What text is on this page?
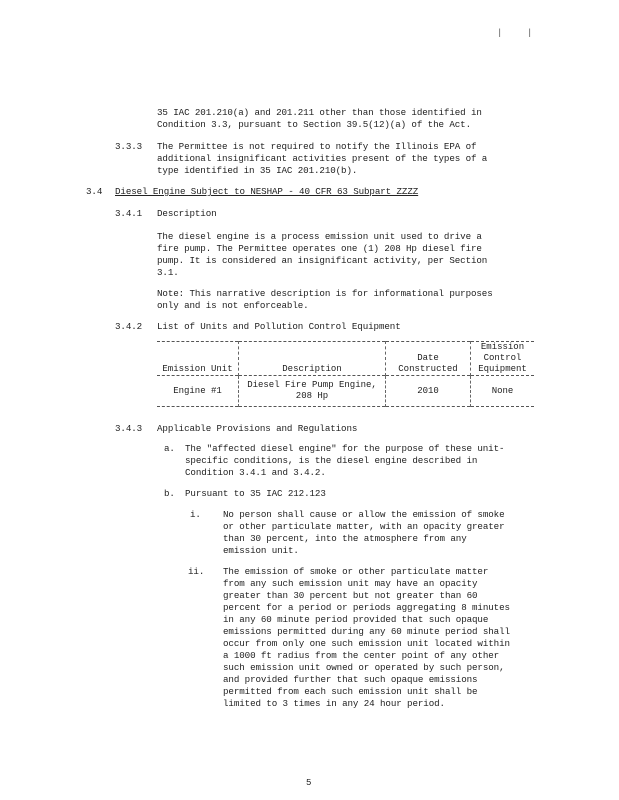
|	|
35 IAC 201.210(a) and 201.211 other than those identified in
Condition 3.3, pursuant to Section 39.5(12)(a) of the Act.
3.3.3 The Permittee is not required to notify the Illinois EPA of
additional insignificant activities present of the types of a
type identified in 35 IAC 201.210(b).
3.4 Diesel Engine Subject to NESHAP - 40 CFR 63 Subpart ZZZZ
3.4.1 Description
The diesel engine is a process emission unit used to drive a
fire pump. The Permittee operates one (1) 208 Hp diesel fire
pump. It is considered an insignificant activity, per Section
3.1.
Note: This narrative description is for informational purposes
only and is not enforceable.
3.4.2 List of Units and Pollution Control Equipment
Emission Unit	Description	Date Constructed	Emission Control Equipment
Engine #1	Diesel Fire Pump Engine, 208 Hp	2010	None
3.4.3 Applicable Provisions and Regulations
a. The "affected diesel engine" for the purpose of these unit-
specific conditions, is the diesel engine described in
Condition 3.4.1 and 3.4.2.
b. Pursuant to 35 IAC 212.123
i. No person shall cause or allow the emission of smoke
or other particulate matter, with an opacity greater
than 30 percent, into the atmosphere from any
emission unit.
ii. The emission of smoke or other particulate matter
from any such emission unit may have an opacity
greater than 30 percent but not greater than 60
percent for a period or periods aggregating 8 minutes
in any 60 minute period provided that such opaque
emissions permitted during any 60 minute period shall
occur from only one such emission unit located within
a 1000 ft radius from the center point of any other
such emission unit owned or operated by such person,
and provided further that such opaque emissions
permitted from each such emission unit shall be
limited to 3 times in any 24 hour period.
5
